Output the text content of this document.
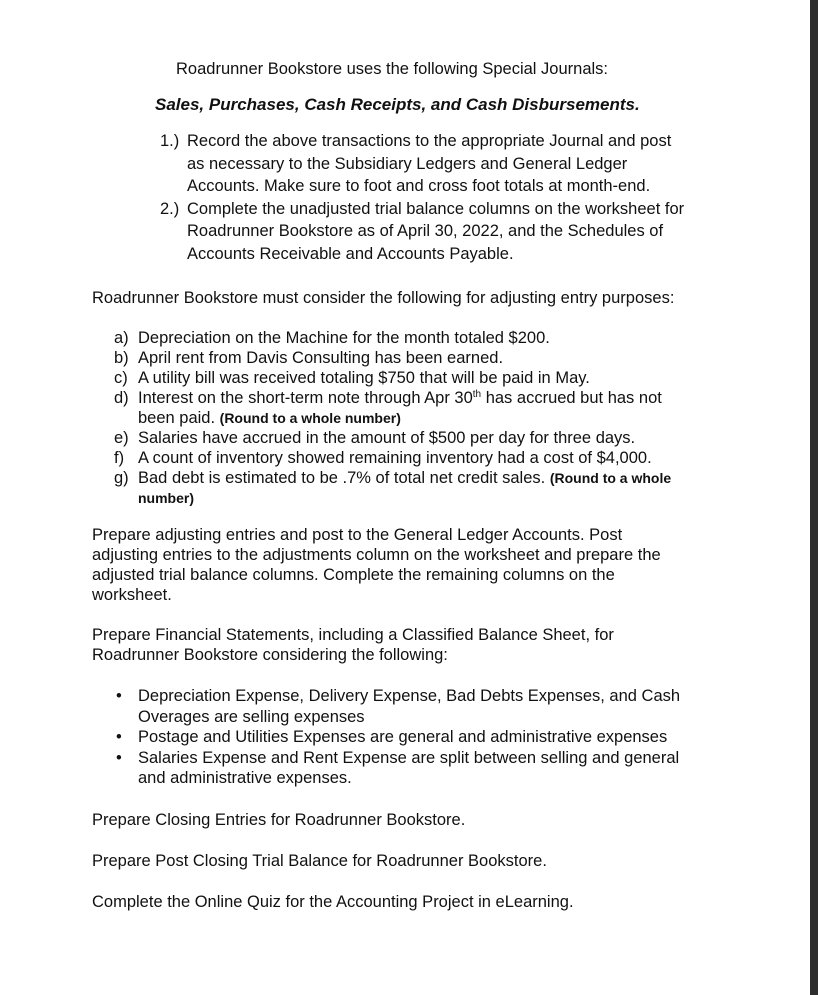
Roadrunner Bookstore uses the following Special Journals:
Sales, Purchases, Cash Receipts, and Cash Disbursements.
1.) Record the above transactions to the appropriate Journal and post
as necessary to the Subsidiary Ledgers and General Ledger
Accounts. Make sure to foot and cross foot totals at month-end.
2.) Complete the unadjusted trial balance columns on the worksheet for
Roadrunner Bookstore as of April 30, 2022, and the Schedules of
Accounts Receivable and Accounts Payable.
Roadrunner Bookstore must consider the following for adjusting entry purposes:
a) Depreciation on the Machine for the month totaled $200.
b) April rent from Davis Consulting has been earned.
c) A utility bill was received totaling $750 that will be paid in May.
d) Interest on the short-term note through Apr 30th has accrued but has not
been paid. (Round to a whole number)
e) Salaries have accrued in the amount of $500 per day for three days.
f) A count of inventory showed remaining inventory had a cost of $4,000.
g) Bad debt is estimated to be .7% of total net credit sales. (Round to a whole
number)
Prepare adjusting entries and post to the General Ledger Accounts. Post
adjusting entries to the adjustments column on the worksheet and prepare the
adjusted trial balance columns. Complete the remaining columns on the
worksheet.
Prepare Financial Statements, including a Classified Balance Sheet, for
Roadrunner Bookstore considering the following:
• Depreciation Expense, Delivery Expense, Bad Debts Expenses, and Cash
Overages are selling expenses
• Postage and Utilities Expenses are general and administrative expenses
• Salaries Expense and Rent Expense are split between selling and general
and administrative expenses.
Prepare Closing Entries for Roadrunner Bookstore.
Prepare Post Closing Trial Balance for Roadrunner Bookstore.
Complete the Online Quiz for the Accounting Project in eLearning.
